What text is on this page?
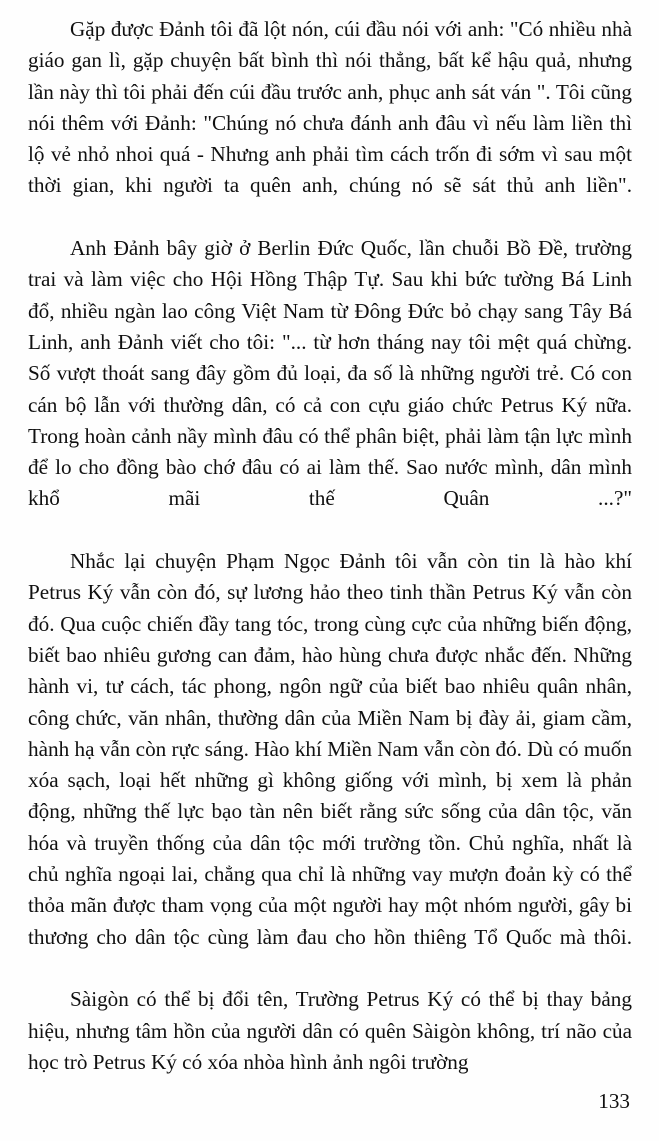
Gặp được Đảnh tôi đã lột nón, cúi đầu nói với anh: "Có nhiều nhà giáo gan lì, gặp chuyện bất bình thì nói thẳng, bất kể hậu quả, nhưng lần này thì tôi phải đến cúi đầu trước anh, phục anh sát ván ". Tôi cũng nói thêm với Đảnh: "Chúng nó chưa đánh anh đâu vì nếu làm liền thì lộ vẻ nhỏ nhoi quá - Nhưng anh phải tìm cách trốn đi sớm vì sau một thời gian, khi người ta quên anh, chúng nó sẽ sát thủ anh liền".

Anh Đảnh bây giờ ở Berlin Đức Quốc, lần chuỗi Bồ Đề, trường trai và làm việc cho Hội Hồng Thập Tự. Sau khi bức tường Bá Linh đổ, nhiều ngàn lao công Việt Nam từ Đông Đức bỏ chạy sang Tây Bá Linh, anh Đảnh viết cho tôi: "... từ hơn tháng nay tôi mệt quá chừng. Số vượt thoát sang đây gồm đủ loại, đa số là những người trẻ. Có con cán bộ lẫn với thường dân, có cả con cựu giáo chức Petrus Ký nữa. Trong hoàn cảnh nầy mình đâu có thể phân biệt, phải làm tận lực mình để lo cho đồng bào chớ đâu có ai làm thế. Sao nước mình, dân mình khổ mãi thế Quân ...?"

Nhắc lại chuyện Phạm Ngọc Đảnh tôi vẫn còn tin là hào khí Petrus Ký vẫn còn đó, sự lương hảo theo tinh thần Petrus Ký vẫn còn đó. Qua cuộc chiến đầy tang tóc, trong cùng cực của những biến động, biết bao nhiêu gương can đảm, hào hùng chưa được nhắc đến. Những hành vi, tư cách, tác phong, ngôn ngữ của biết bao nhiêu quân nhân, công chức, văn nhân, thường dân của Miền Nam bị đày ải, giam cầm, hành hạ vẫn còn rực sáng. Hào khí Miền Nam vẫn còn đó. Dù có muốn xóa sạch, loại hết những gì không giống với mình, bị xem là phản động, những thế lực bạo tàn nên biết rằng sức sống của dân tộc, văn hóa và truyền thống của dân tộc mới trường tồn. Chủ nghĩa, nhất là chủ nghĩa ngoại lai, chẳng qua chỉ là những vay mượn đoản kỳ có thể thỏa mãn được tham vọng của một người hay một nhóm người, gây bi thương cho dân tộc cùng làm đau cho hồn thiêng Tổ Quốc mà thôi.

Sàigòn có thể bị đổi tên, Trường Petrus Ký có thể bị thay bảng hiệu, nhưng tâm hồn của người dân có quên Sàigòn không, trí não của học trò Petrus Ký có xóa nhòa hình ảnh ngôi trường

133
